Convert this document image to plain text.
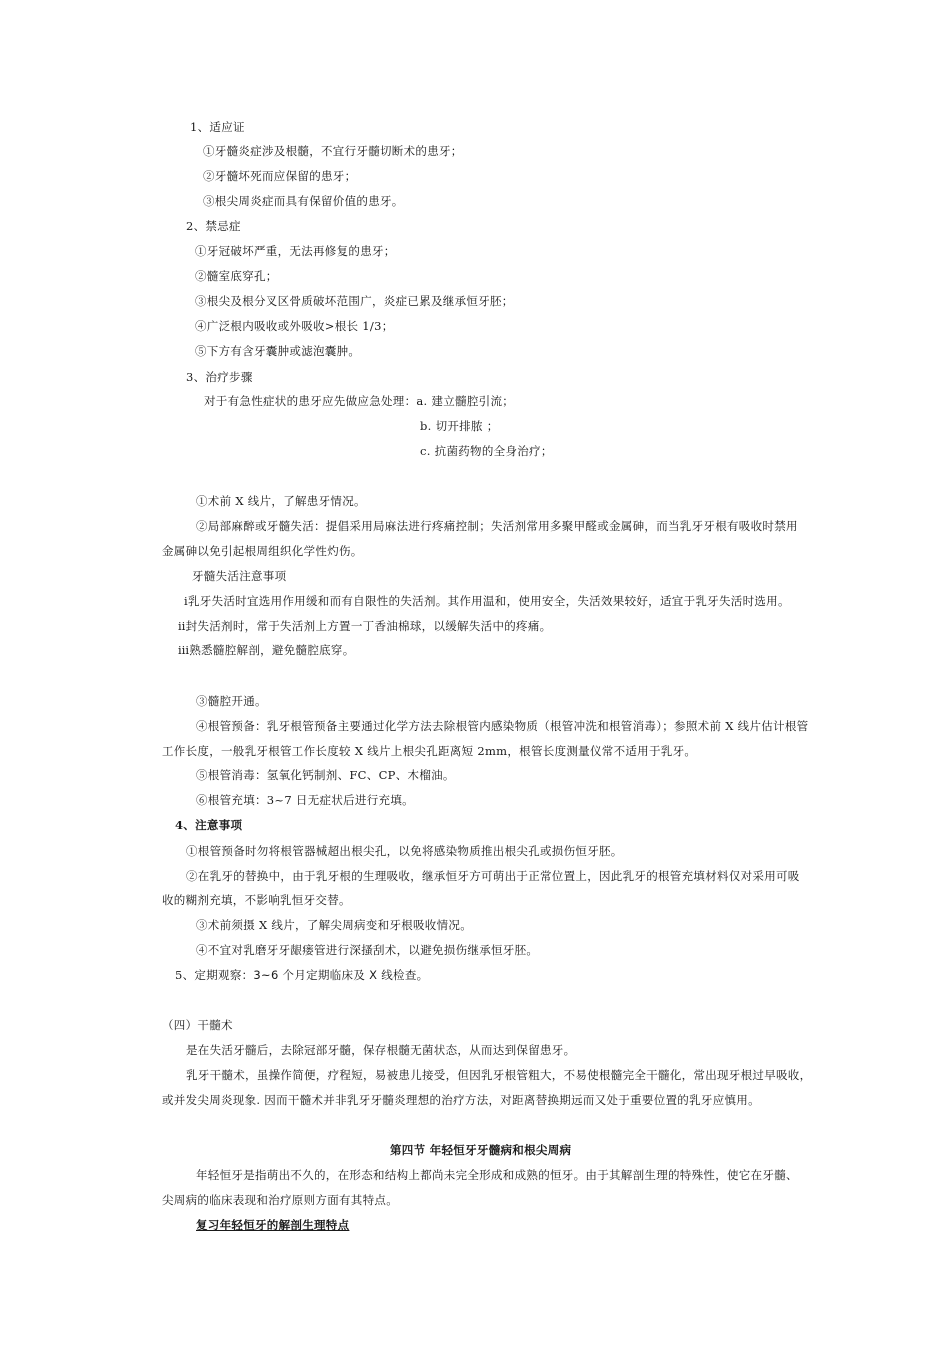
1、适应证
①牙髓炎症涉及根髓，不宜行牙髓切断术的患牙；
②牙髓坏死而应保留的患牙；
③根尖周炎症而具有保留价值的患牙。
2、禁忌症
①牙冠破坏严重，无法再修复的患牙；
②髓室底穿孔；
③根尖及根分叉区骨质破坏范围广，炎症已累及继承恒牙胚；
④广泛根内吸收或外吸收>根长 1/3；
⑤下方有含牙囊肿或滤泡囊肿。
3、治疗步骤
对于有急性症状的患牙应先做应急处理：a. 建立髓腔引流；
b. 切开排脓 ；
c. 抗菌药物的全身治疗；
①术前 X 线片，了解患牙情况。
②局部麻醉或牙髓失活：提倡采用局麻法进行疼痛控制；失活剂常用多聚甲醛或金属砷，而当乳牙牙根有吸收时禁用
金属砷以免引起根周组织化学性灼伤。
牙髓失活注意事项
ⅰ乳牙失活时宜选用作用缓和而有自限性的失活剂。其作用温和，使用安全，失活效果较好，适宜于乳牙失活时选用。
ⅱ封失活剂时，常于失活剂上方置一丁香油棉球，以缓解失活中的疼痛。
ⅲ熟悉髓腔解剖，避免髓腔底穿。
③髓腔开通。
④根管预备：乳牙根管预备主要通过化学方法去除根管内感染物质（根管冲洗和根管消毒）；参照术前 X 线片估计根管
工作长度，一般乳牙根管工作长度较 X 线片上根尖孔距离短 2mm，根管长度测量仪常不适用于乳牙。
⑤根管消毒：氢氧化钙制剂、FC、CP、木榴油。
⑥根管充填：3~7 日无症状后进行充填。
4、注意事项
①根管预备时勿将根管器械超出根尖孔，以免将感染物质推出根尖孔或损伤恒牙胚。
②在乳牙的替换中，由于乳牙根的生理吸收，继承恒牙方可萌出于正常位置上，因此乳牙的根管充填材料仅对采用可吸
收的糊剂充填，不影响乳恒牙交替。
③术前须摄 X 线片，了解尖周病变和牙根吸收情况。
④不宜对乳磨牙牙龈瘘管进行深搔刮术，以避免损伤继承恒牙胚。
5、定期观察：3~6 个月定期临床及 X 线检查。
（四）干髓术
是在失活牙髓后，去除冠部牙髓，保存根髓无菌状态，从而达到保留患牙。
乳牙干髓术，虽操作简便，疗程短，易被患儿接受，但因乳牙根管粗大，不易使根髓完全干髓化，常出现牙根过早吸收，
或并发尖周炎现象. 因而干髓术并非乳牙牙髓炎理想的治疗方法，对距离替换期远而又处于重要位置的乳牙应慎用。
第四节 年轻恒牙牙髓病和根尖周病
年轻恒牙是指萌出不久的，在形态和结构上都尚未完全形成和成熟的恒牙。由于其解剖生理的特殊性，使它在牙髓、
尖周病的临床表现和治疗原则方面有其特点。
复习年轻恒牙的解剖生理特点
